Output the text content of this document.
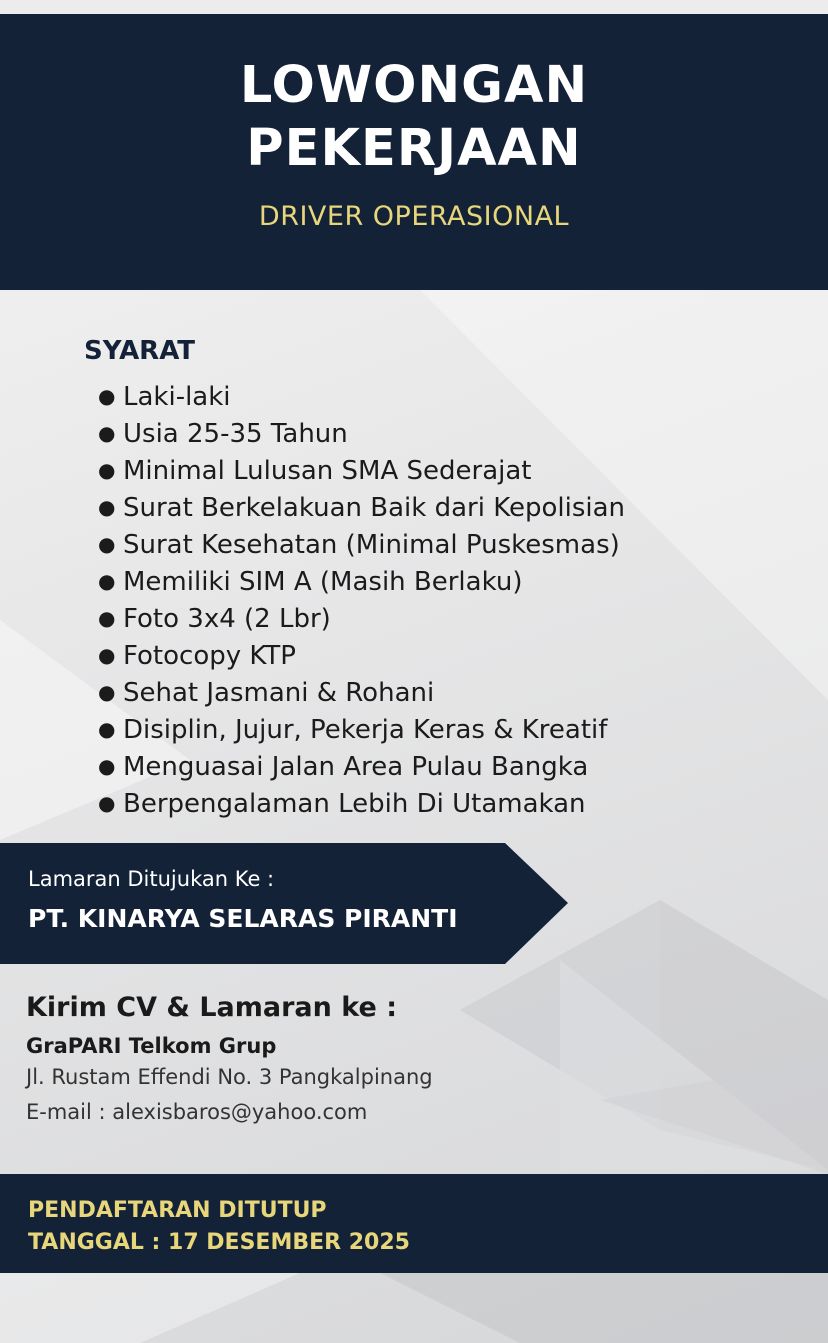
LOWONGAN
PEKERJAAN
DRIVER OPERASIONAL
SYARAT
● Laki-laki
● Usia 25-35 Tahun
● Minimal Lulusan SMA Sederajat
● Surat Berkelakuan Baik dari Kepolisian
● Surat Kesehatan (Minimal Puskesmas)
● Memiliki SIM A (Masih Berlaku)
● Foto 3x4 (2 Lbr)
● Fotocopy KTP
● Sehat Jasmani & Rohani
● Disiplin, Jujur, Pekerja Keras & Kreatif
● Menguasai Jalan Area Pulau Bangka
● Berpengalaman Lebih Di Utamakan
Lamaran Ditujukan Ke :
PT. KINARYA SELARAS PIRANTI
Kirim CV & Lamaran ke :
GraPARI Telkom Grup
Jl. Rustam Effendi No. 3 Pangkalpinang
E-mail : alexisbaros@yahoo.com
PENDAFTARAN DITUTUP
TANGGAL : 17 DESEMBER 2025
